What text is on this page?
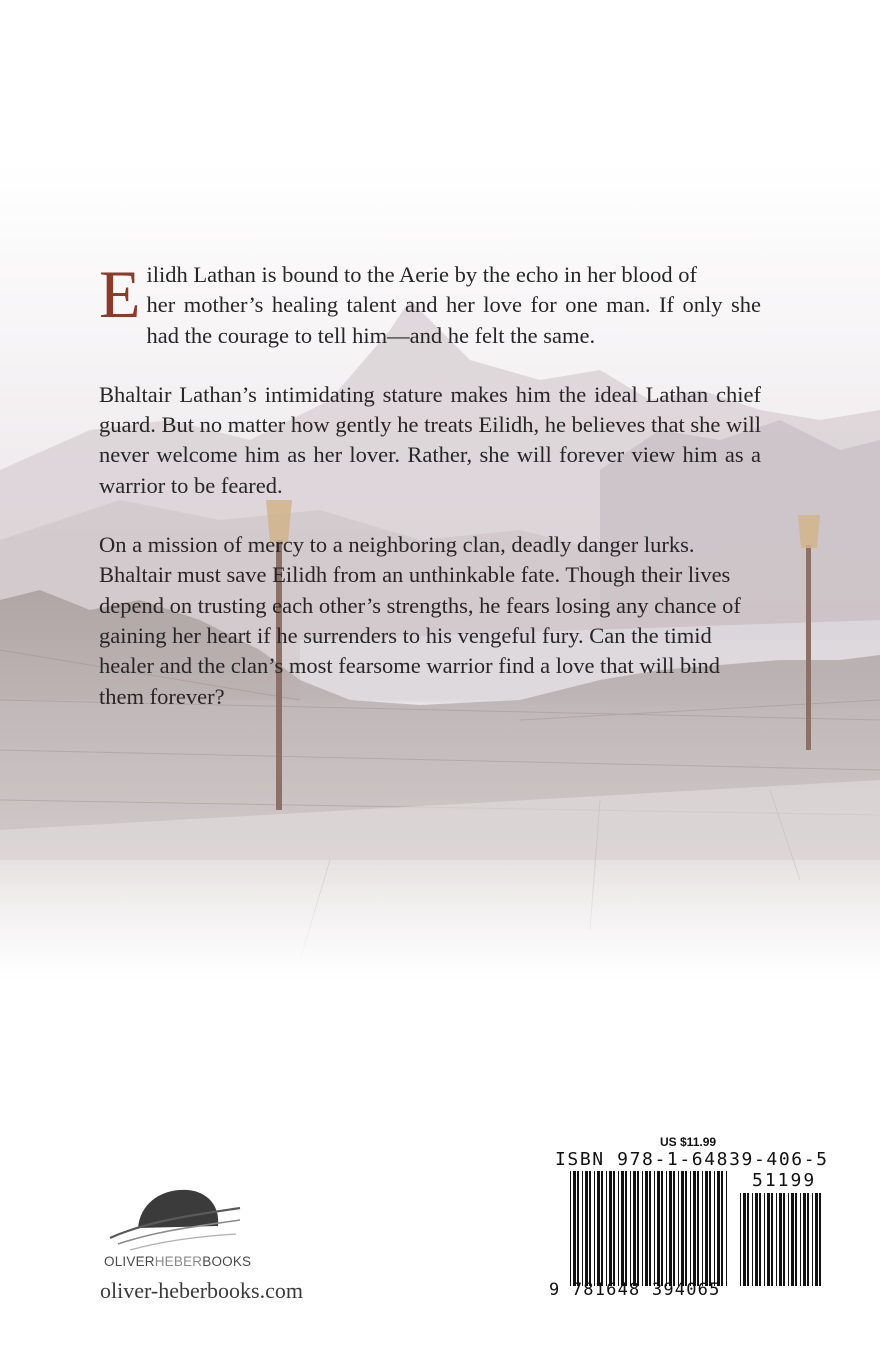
E ilidh Lathan is bound to the Aerie by the echo in her blood of
her mother’s healing talent and her love for one man. If only she had the courage to tell him—and he felt the same.

Bhaltair Lathan’s intimidating stature makes him the ideal Lathan chief guard. But no matter how gently he treats Eilidh, he believes that she will never welcome him as her lover. Rather, she will forever view him as a warrior to be feared.

On a mission of mercy to a neighboring clan, deadly danger lurks. Bhaltair must save Eilidh from an unthinkable fate. Though their lives depend on trusting each other’s strengths, he fears losing any chance of gaining her heart if he surrenders to his vengeful fury. Can the timid healer and the clan’s most fearsome warrior find a love that will bind them forever?

OLIVERHEBERBOOKS
oliver-heberbooks.com
US $11.99
ISBN 978-1-64839-406-5
51199
9 781648 394065
